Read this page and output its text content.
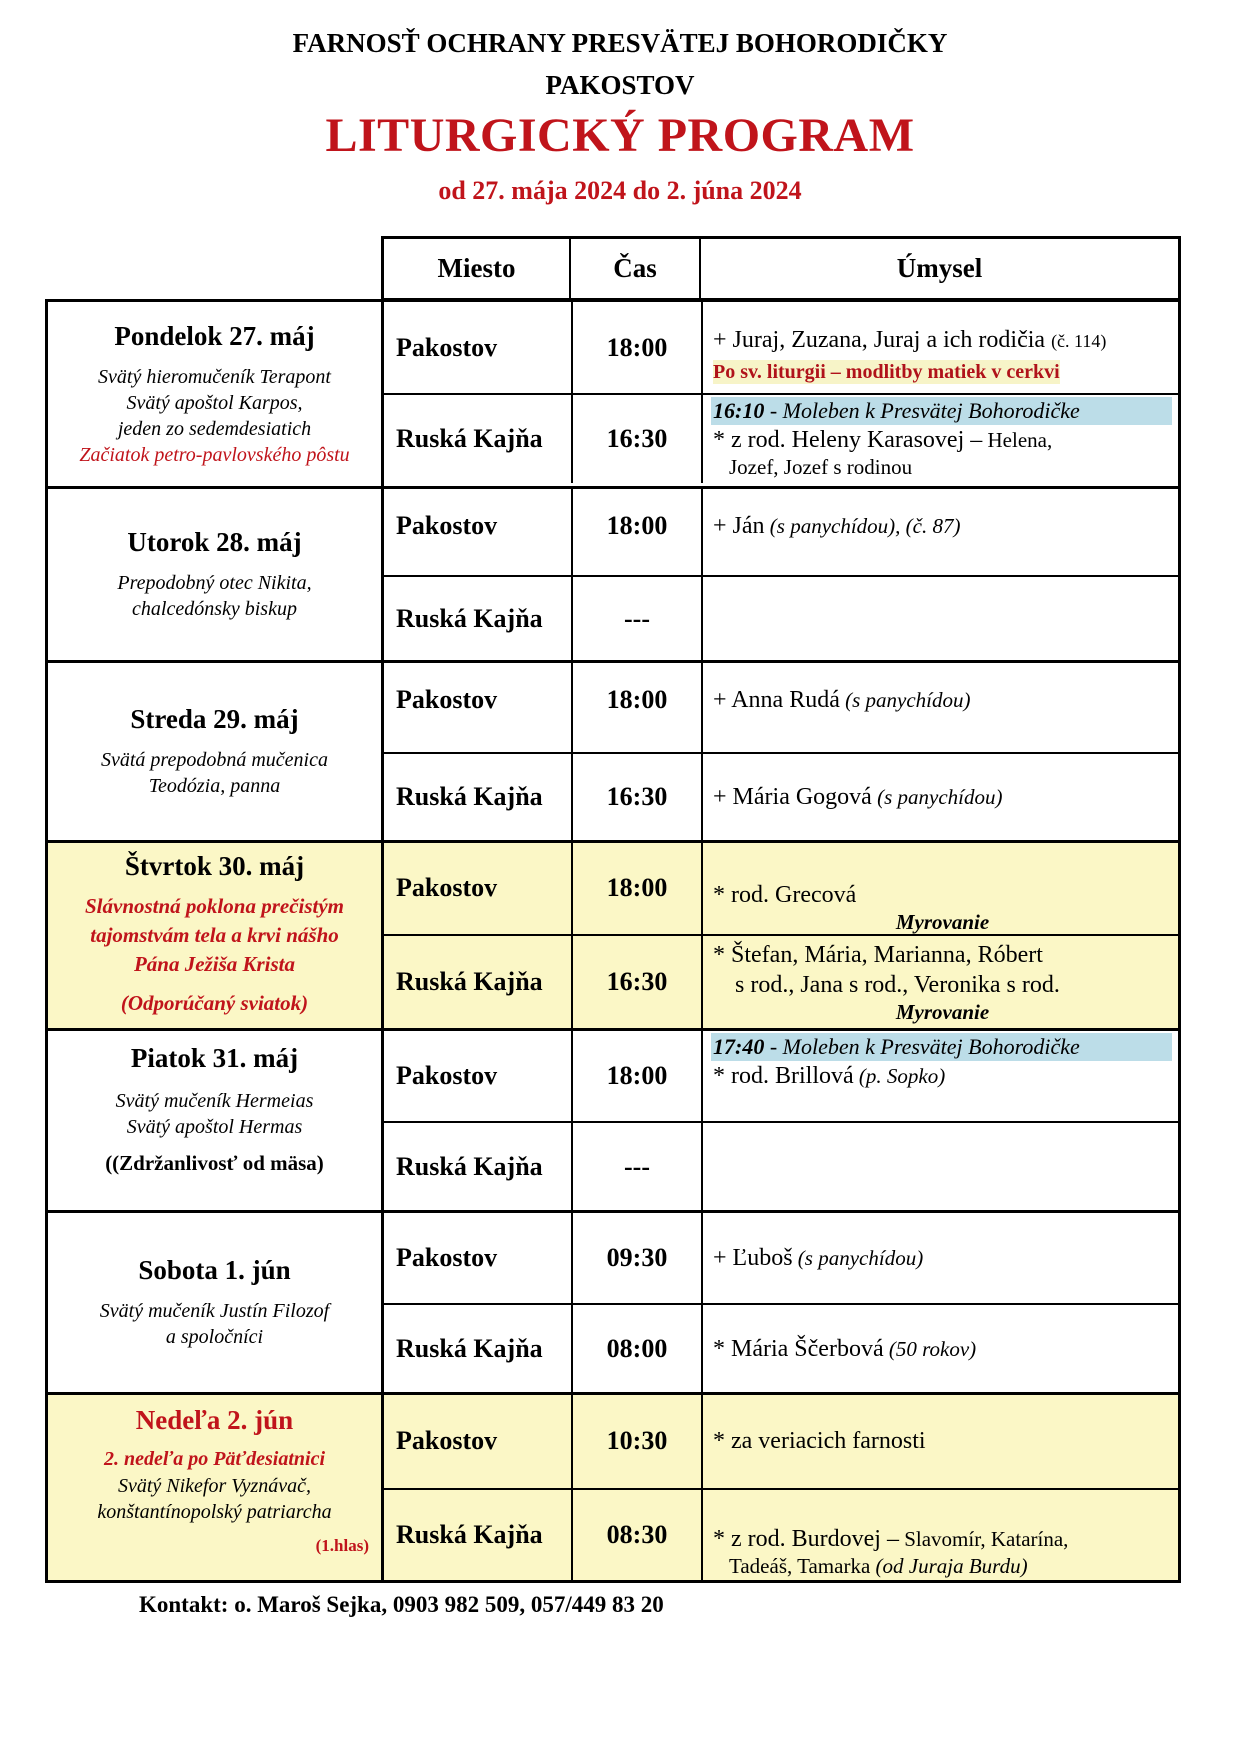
FARNOSŤ OCHRANY PRESVÄTEJ BOHORODIČKY
PAKOSTOV
LITURGICKÝ PROGRAM
od 27. mája 2024 do 2. júna 2024
Miesto	Čas	Úmysel
Pondelok 27. máj
Svätý hieromučeník Terapont
Svätý apoštol Karpos,
jeden zo sedemdesiatich
Začiatok petro-pavlovského pôstu
Pakostov	18:00	+ Juraj, Zuzana, Juraj a ich rodičia (č. 114)
Po sv. liturgii – modlitby matiek v cerkvi
Ruská Kajňa	16:30
16:10 - Moleben k Presvätej Bohorodičke
* z rod. Heleny Karasovej – Helena,
Jozef, Jozef s rodinou
Utorok 28. máj
Prepodobný otec Nikita,
chalcedónsky biskup
Pakostov	18:00	+ Ján (s panychídou), (č. 87)
Ruská Kajňa	---
Streda 29. máj
Svätá prepodobná mučenica
Teodózia, panna
Pakostov	18:00	+ Anna Rudá (s panychídou)
Ruská Kajňa	16:30	+ Mária Gogová (s panychídou)
Štvrtok 30. máj
Slávnostná poklona prečistým
tajomstvám tela a krvi nášho
Pána Ježiša Krista
(Odporúčaný sviatok)
Pakostov	18:00	* rod. Grecová
Myrovanie
Ruská Kajňa	16:30
* Štefan, Mária, Marianna, Róbert
s rod., Jana s rod., Veronika s rod.
Myrovanie
Piatok 31. máj
Svätý mučeník Hermeias
Svätý apoštol Hermas
((Zdržanlivosť od mäsa)
Pakostov	18:00
17:40 - Moleben k Presvätej Bohorodičke
* rod. Brillová (p. Sopko)
Ruská Kajňa	---
Sobota 1. jún
Svätý mučeník Justín Filozof
a spoločníci
Pakostov	09:30	+ Ľuboš (s panychídou)
Ruská Kajňa	08:00	* Mária Ščerbová (50 rokov)
Nedeľa 2. jún
2. nedeľa po Päťdesiatnici
Svätý Nikefor Vyznávač,
konštantínopolský patriarcha
(1.hlas)
Pakostov	10:30	* za veriacich farnosti
Ruská Kajňa	08:30	* z rod. Burdovej – Slavomír, Katarína,
Tadeáš, Tamarka (od Juraja Burdu)
Kontakt: o. Maroš Sejka, 0903 982 509, 057/449 83 20
